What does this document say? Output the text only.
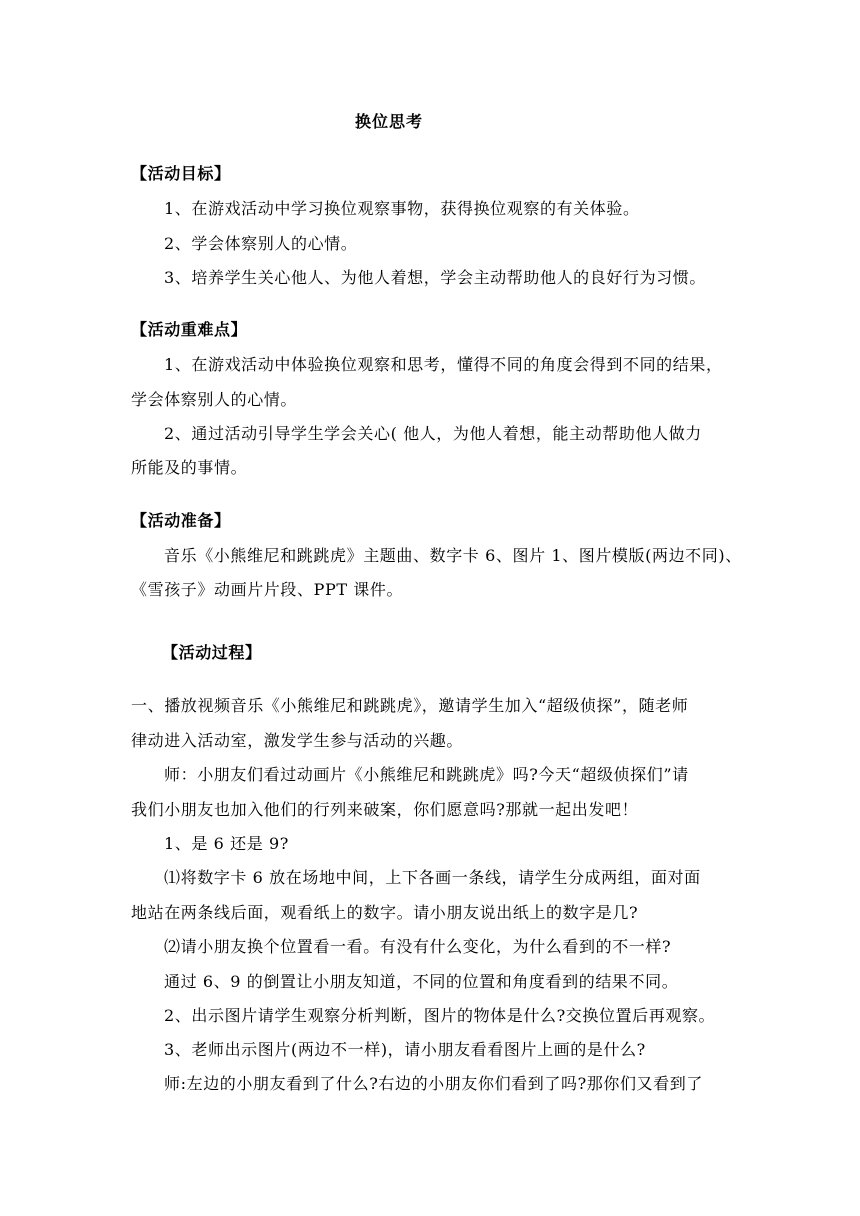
换位思考
【活动目标】
1、在游戏活动中学习换位观察事物，获得换位观察的有关体验。
2、学会体察别人的心情。
3、培养学生关心他人、为他人着想，学会主动帮助他人的良好行为习惯。
【活动重难点】
1、在游戏活动中体验换位观察和思考，懂得不同的角度会得到不同的结果，
学会体察别人的心情。
2、通过活动引导学生学会关心( 他人，为他人着想，能主动帮助他人做力
所能及的事情。
【活动准备】
音乐《小熊维尼和跳跳虎》主题曲、数字卡 6、图片 1、图片模版(两边不同)、
《雪孩子》动画片片段、PPT 课件。
【活动过程】
一、播放视频音乐《小熊维尼和跳跳虎》，邀请学生加入“超级侦探”，随老师
律动进入活动室，激发学生参与活动的兴趣。
师：小朋友们看过动画片《小熊维尼和跳跳虎》吗?今天“超级侦探们”请
我们小朋友也加入他们的行列来破案，你们愿意吗?那就一起出发吧！
1、是 6 还是 9?
⑴将数字卡 6 放在场地中间，上下各画一条线，请学生分成两组，面对面
地站在两条线后面，观看纸上的数字。请小朋友说出纸上的数字是几?
⑵请小朋友换个位置看一看。有没有什么变化，为什么看到的不一样?
通过 6、9 的倒置让小朋友知道，不同的位置和角度看到的结果不同。
2、出示图片请学生观察分析判断，图片的物体是什么?交换位置后再观察。
3、老师出示图片(两边不一样)，请小朋友看看图片上画的是什么?
师:左边的小朋友看到了什么?右边的小朋友你们看到了吗?那你们又看到了
